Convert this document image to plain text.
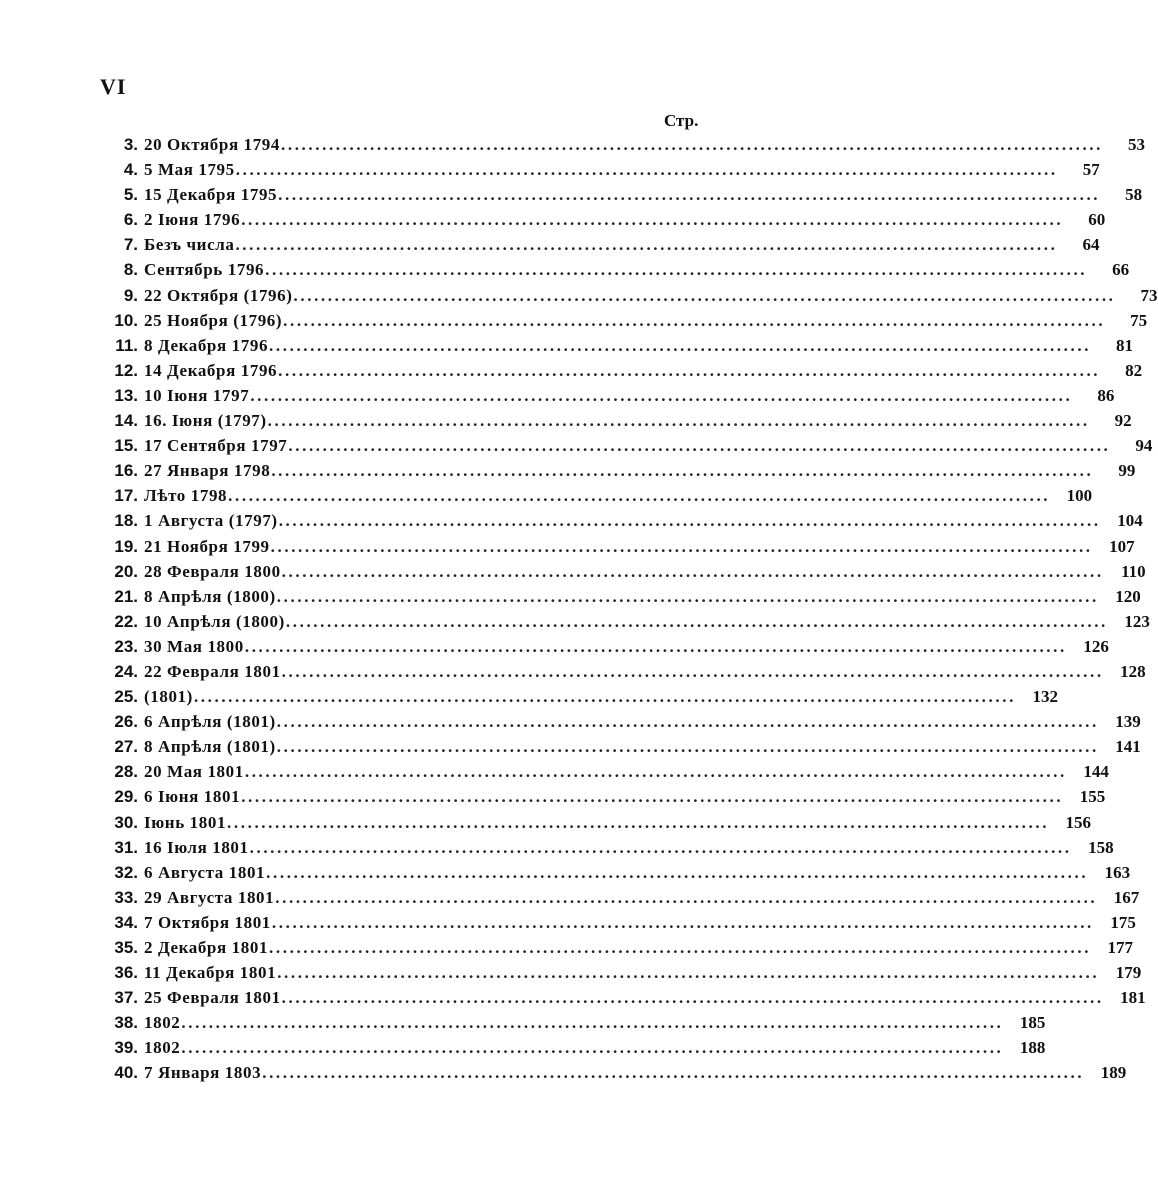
VI
Стр.
3. 20 Октября 1794 ........................................................................................................................	53
4. 5 Мая 1795 ........................................................................................................................	57
5. 15 Декабря 1795 ........................................................................................................................	58
6. 2 Іюня 1796 ........................................................................................................................	60
7. Безъ числа ........................................................................................................................	64
8. Сентябрь 1796 ........................................................................................................................	66
9. 22 Октября (1796) ........................................................................................................................	73
10. 25 Ноября (1796) ........................................................................................................................	75
11. 8 Декабря 1796 ........................................................................................................................	81
12. 14 Декабря 1796 ........................................................................................................................	82
13. 10 Іюня 1797 ........................................................................................................................	86
14. 16. Іюня (1797) ........................................................................................................................	92
15. 17 Сентября 1797 ........................................................................................................................	94
16. 27 Января 1798 ........................................................................................................................	99
17. Лѣто 1798 ........................................................................................................................ 100
18. 1 Августа (1797) ........................................................................................................................ 104
19. 21 Ноября 1799 ........................................................................................................................ 107
20. 28 Февраля 1800 ........................................................................................................................	110
21. 8 Апрѣля (1800) ........................................................................................................................ 120
22. 10 Апрѣля (1800) ........................................................................................................................ 123
23. 30 Мая 1800 ........................................................................................................................ 126
24. 22 Февраля 1801 ........................................................................................................................ 128
25. (1801) ........................................................................................................................ 132
26. 6 Апрѣля (1801) ........................................................................................................................ 139
27. 8 Апрѣля (1801) ........................................................................................................................ 141
28. 20 Мая 1801 ........................................................................................................................ 144
29. 6 Іюня 1801 ........................................................................................................................ 155
30. Іюнь 1801 ........................................................................................................................ 156
31. 16 Іюля 1801 ........................................................................................................................ 158
32. 6 Августа 1801 ........................................................................................................................ 163
33. 29 Августа 1801 ........................................................................................................................ 167
34. 7 Октября 1801 ........................................................................................................................ 175
35. 2 Декабря 1801 ........................................................................................................................ 177
36. 11 Декабря 1801 ........................................................................................................................ 179
37. 25 Февраля 1801 ........................................................................................................................ 181
38. 1802 ........................................................................................................................ 185
39. 1802 ........................................................................................................................ 188
40. 7 Января 1803 ........................................................................................................................ 189
